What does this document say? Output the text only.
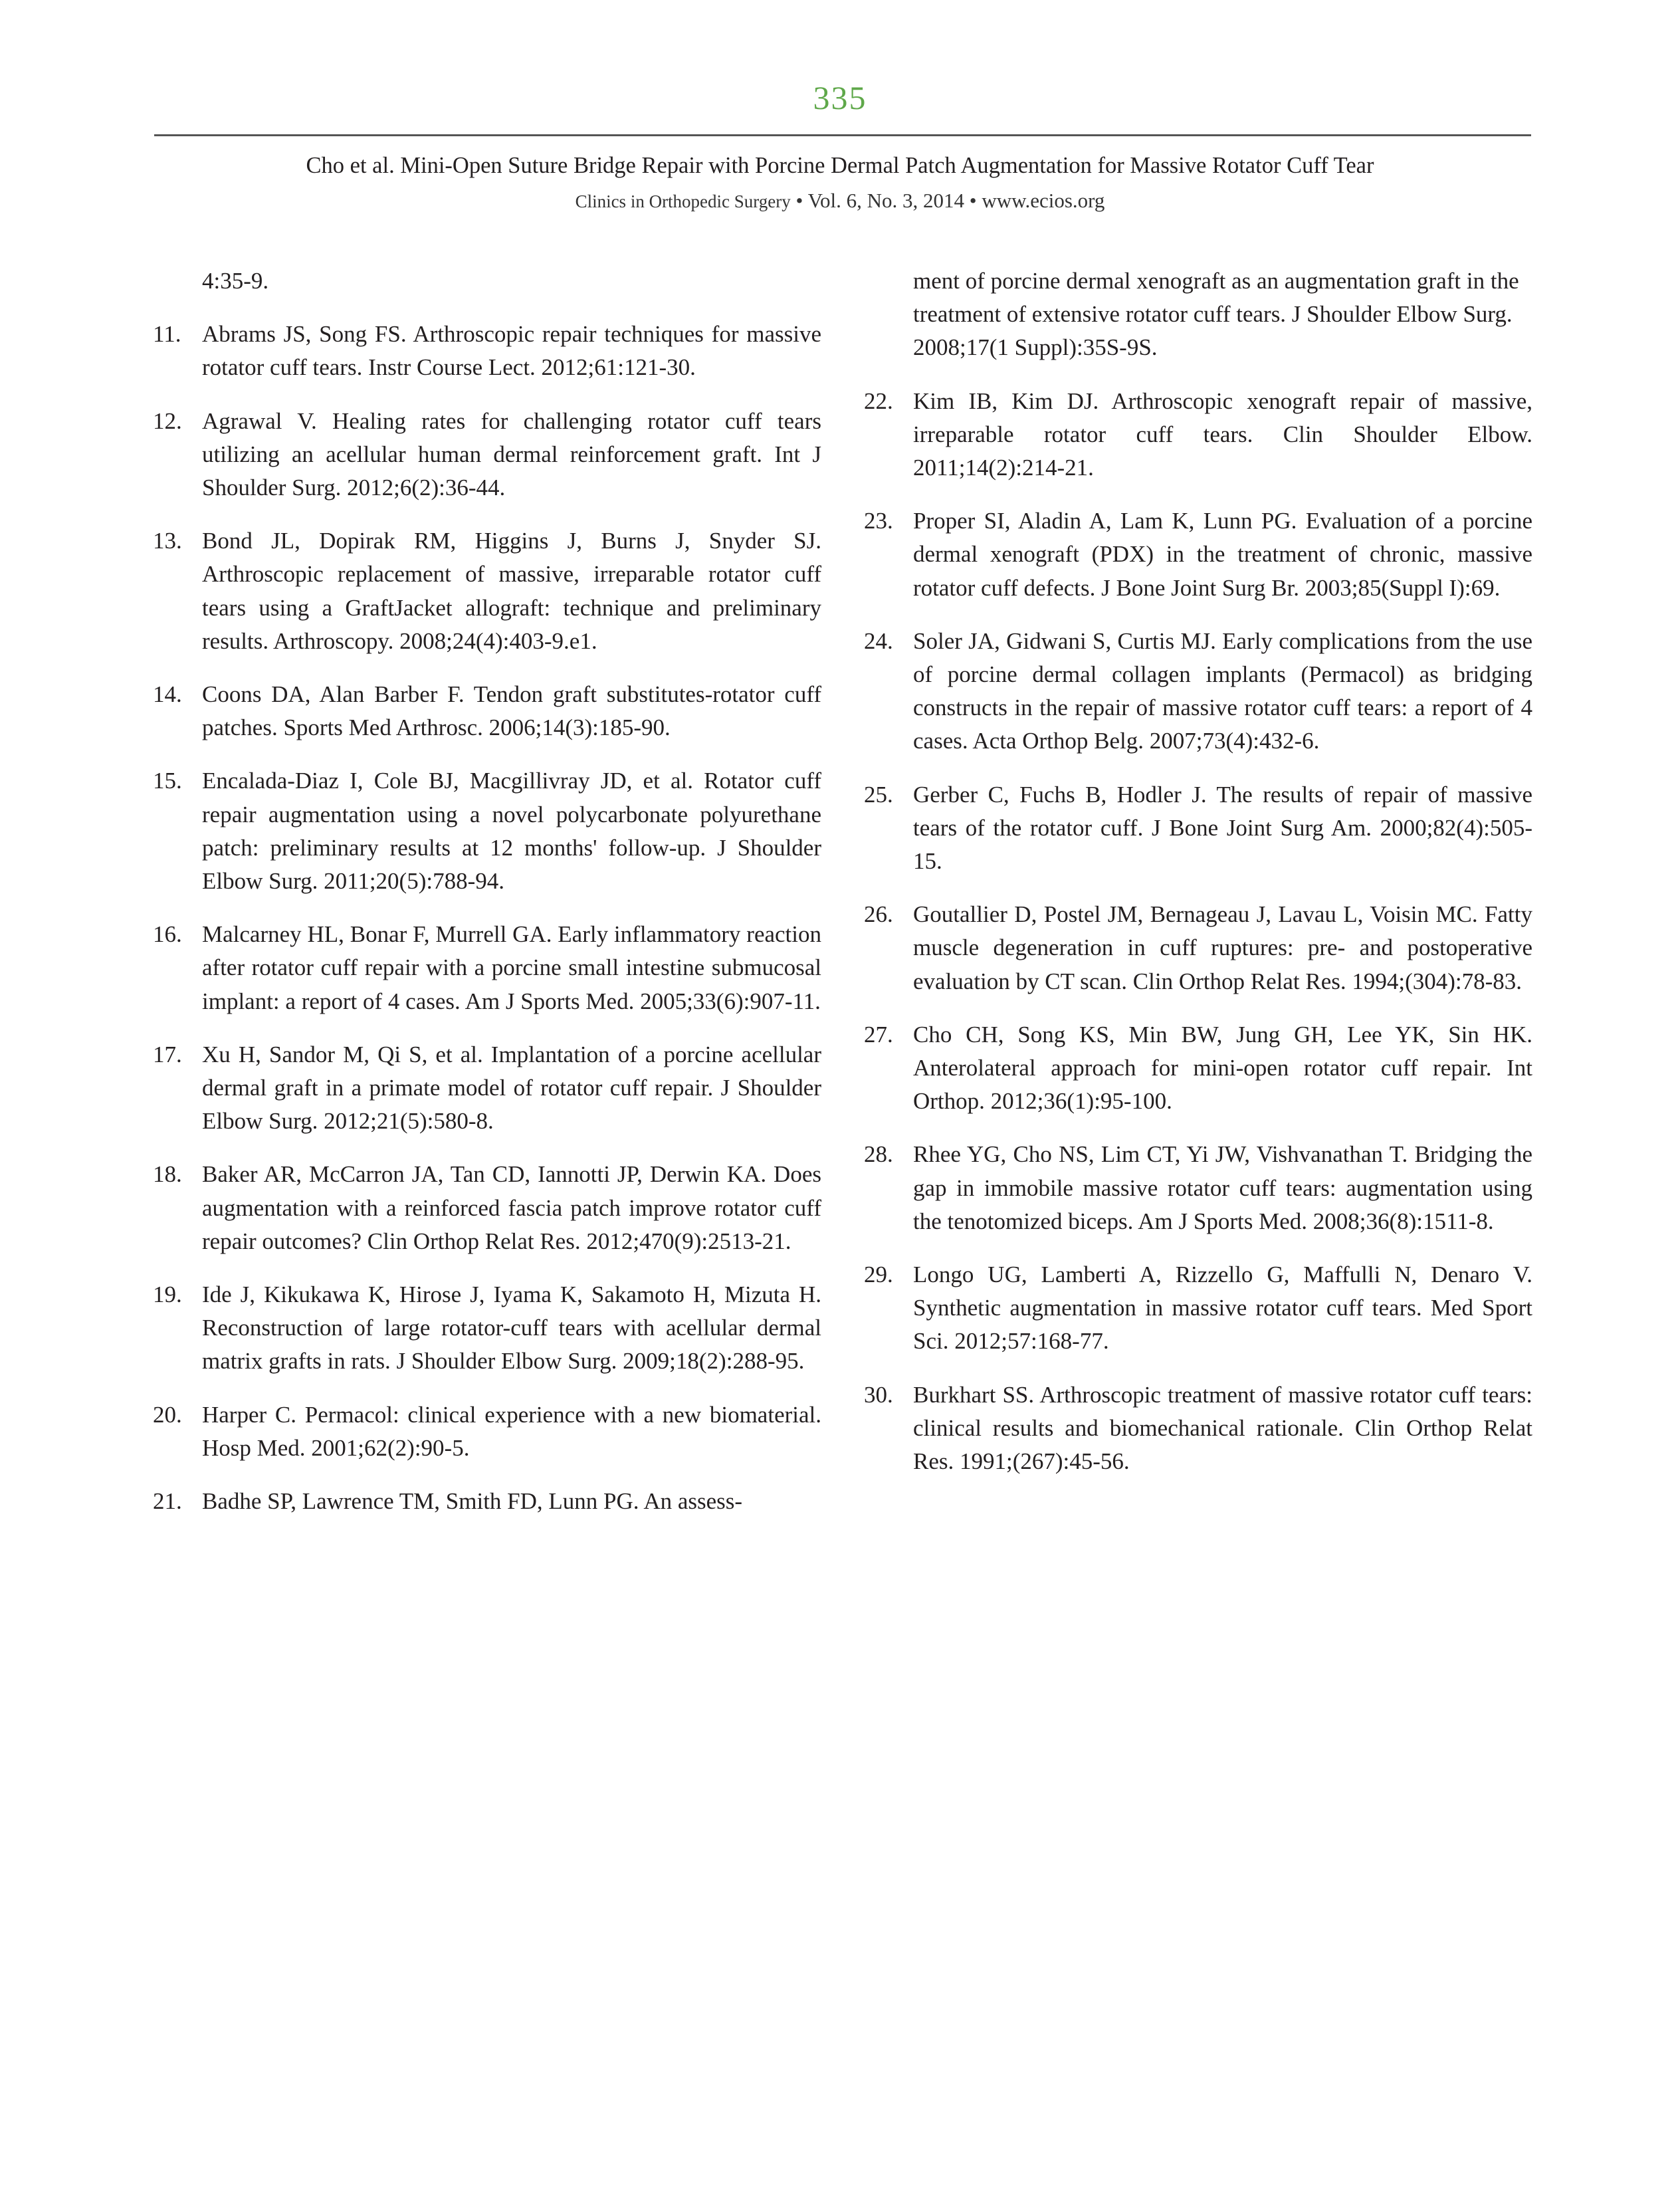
335
Cho et al. Mini-Open Suture Bridge Repair with Porcine Dermal Patch Augmentation for Massive Rotator Cuff Tear
Clinics in Orthopedic Surgery • Vol. 6, No. 3, 2014 • www.ecios.org
4:35-9.
11. Abrams JS, Song FS. Arthroscopic repair techniques for massive rotator cuff tears. Instr Course Lect. 2012;61:121-30.
12. Agrawal V. Healing rates for challenging rotator cuff tears utilizing an acellular human dermal reinforcement graft. Int J Shoulder Surg. 2012;6(2):36-44.
13. Bond JL, Dopirak RM, Higgins J, Burns J, Snyder SJ. Arthroscopic replacement of massive, irreparable rotator cuff tears using a GraftJacket allograft: technique and preliminary results. Arthroscopy. 2008;24(4):403-9.e1.
14. Coons DA, Alan Barber F. Tendon graft substitutes-rotator cuff patches. Sports Med Arthrosc. 2006;14(3):185-90.
15. Encalada-Diaz I, Cole BJ, Macgillivray JD, et al. Rotator cuff repair augmentation using a novel polycarbonate polyurethane patch: preliminary results at 12 months' follow-up. J Shoulder Elbow Surg. 2011;20(5):788-94.
16. Malcarney HL, Bonar F, Murrell GA. Early inflammatory reaction after rotator cuff repair with a porcine small intestine submucosal implant: a report of 4 cases. Am J Sports Med. 2005;33(6):907-11.
17. Xu H, Sandor M, Qi S, et al. Implantation of a porcine acellular dermal graft in a primate model of rotator cuff repair. J Shoulder Elbow Surg. 2012;21(5):580-8.
18. Baker AR, McCarron JA, Tan CD, Iannotti JP, Derwin KA. Does augmentation with a reinforced fascia patch improve rotator cuff repair outcomes? Clin Orthop Relat Res. 2012;470(9):2513-21.
19. Ide J, Kikukawa K, Hirose J, Iyama K, Sakamoto H, Mizuta H. Reconstruction of large rotator-cuff tears with acellular dermal matrix grafts in rats. J Shoulder Elbow Surg. 2009;18(2):288-95.
20. Harper C. Permacol: clinical experience with a new biomaterial. Hosp Med. 2001;62(2):90-5.
21. Badhe SP, Lawrence TM, Smith FD, Lunn PG. An assess-
ment of porcine dermal xenograft as an augmentation graft in the treatment of extensive rotator cuff tears. J Shoulder Elbow Surg. 2008;17(1 Suppl):35S-9S.
22. Kim IB, Kim DJ. Arthroscopic xenograft repair of massive, irreparable rotator cuff tears. Clin Shoulder Elbow. 2011;14(2):214-21.
23. Proper SI, Aladin A, Lam K, Lunn PG. Evaluation of a porcine dermal xenograft (PDX) in the treatment of chronic, massive rotator cuff defects. J Bone Joint Surg Br. 2003;85(Suppl I):69.
24. Soler JA, Gidwani S, Curtis MJ. Early complications from the use of porcine dermal collagen implants (Permacol) as bridging constructs in the repair of massive rotator cuff tears: a report of 4 cases. Acta Orthop Belg. 2007;73(4):432-6.
25. Gerber C, Fuchs B, Hodler J. The results of repair of massive tears of the rotator cuff. J Bone Joint Surg Am. 2000;82(4):505-15.
26. Goutallier D, Postel JM, Bernageau J, Lavau L, Voisin MC. Fatty muscle degeneration in cuff ruptures: pre- and postoperative evaluation by CT scan. Clin Orthop Relat Res. 1994;(304):78-83.
27. Cho CH, Song KS, Min BW, Jung GH, Lee YK, Sin HK. Anterolateral approach for mini-open rotator cuff repair. Int Orthop. 2012;36(1):95-100.
28. Rhee YG, Cho NS, Lim CT, Yi JW, Vishvanathan T. Bridging the gap in immobile massive rotator cuff tears: augmentation using the tenotomized biceps. Am J Sports Med. 2008;36(8):1511-8.
29. Longo UG, Lamberti A, Rizzello G, Maffulli N, Denaro V. Synthetic augmentation in massive rotator cuff tears. Med Sport Sci. 2012;57:168-77.
30. Burkhart SS. Arthroscopic treatment of massive rotator cuff tears: clinical results and biomechanical rationale. Clin Orthop Relat Res. 1991;(267):45-56.
